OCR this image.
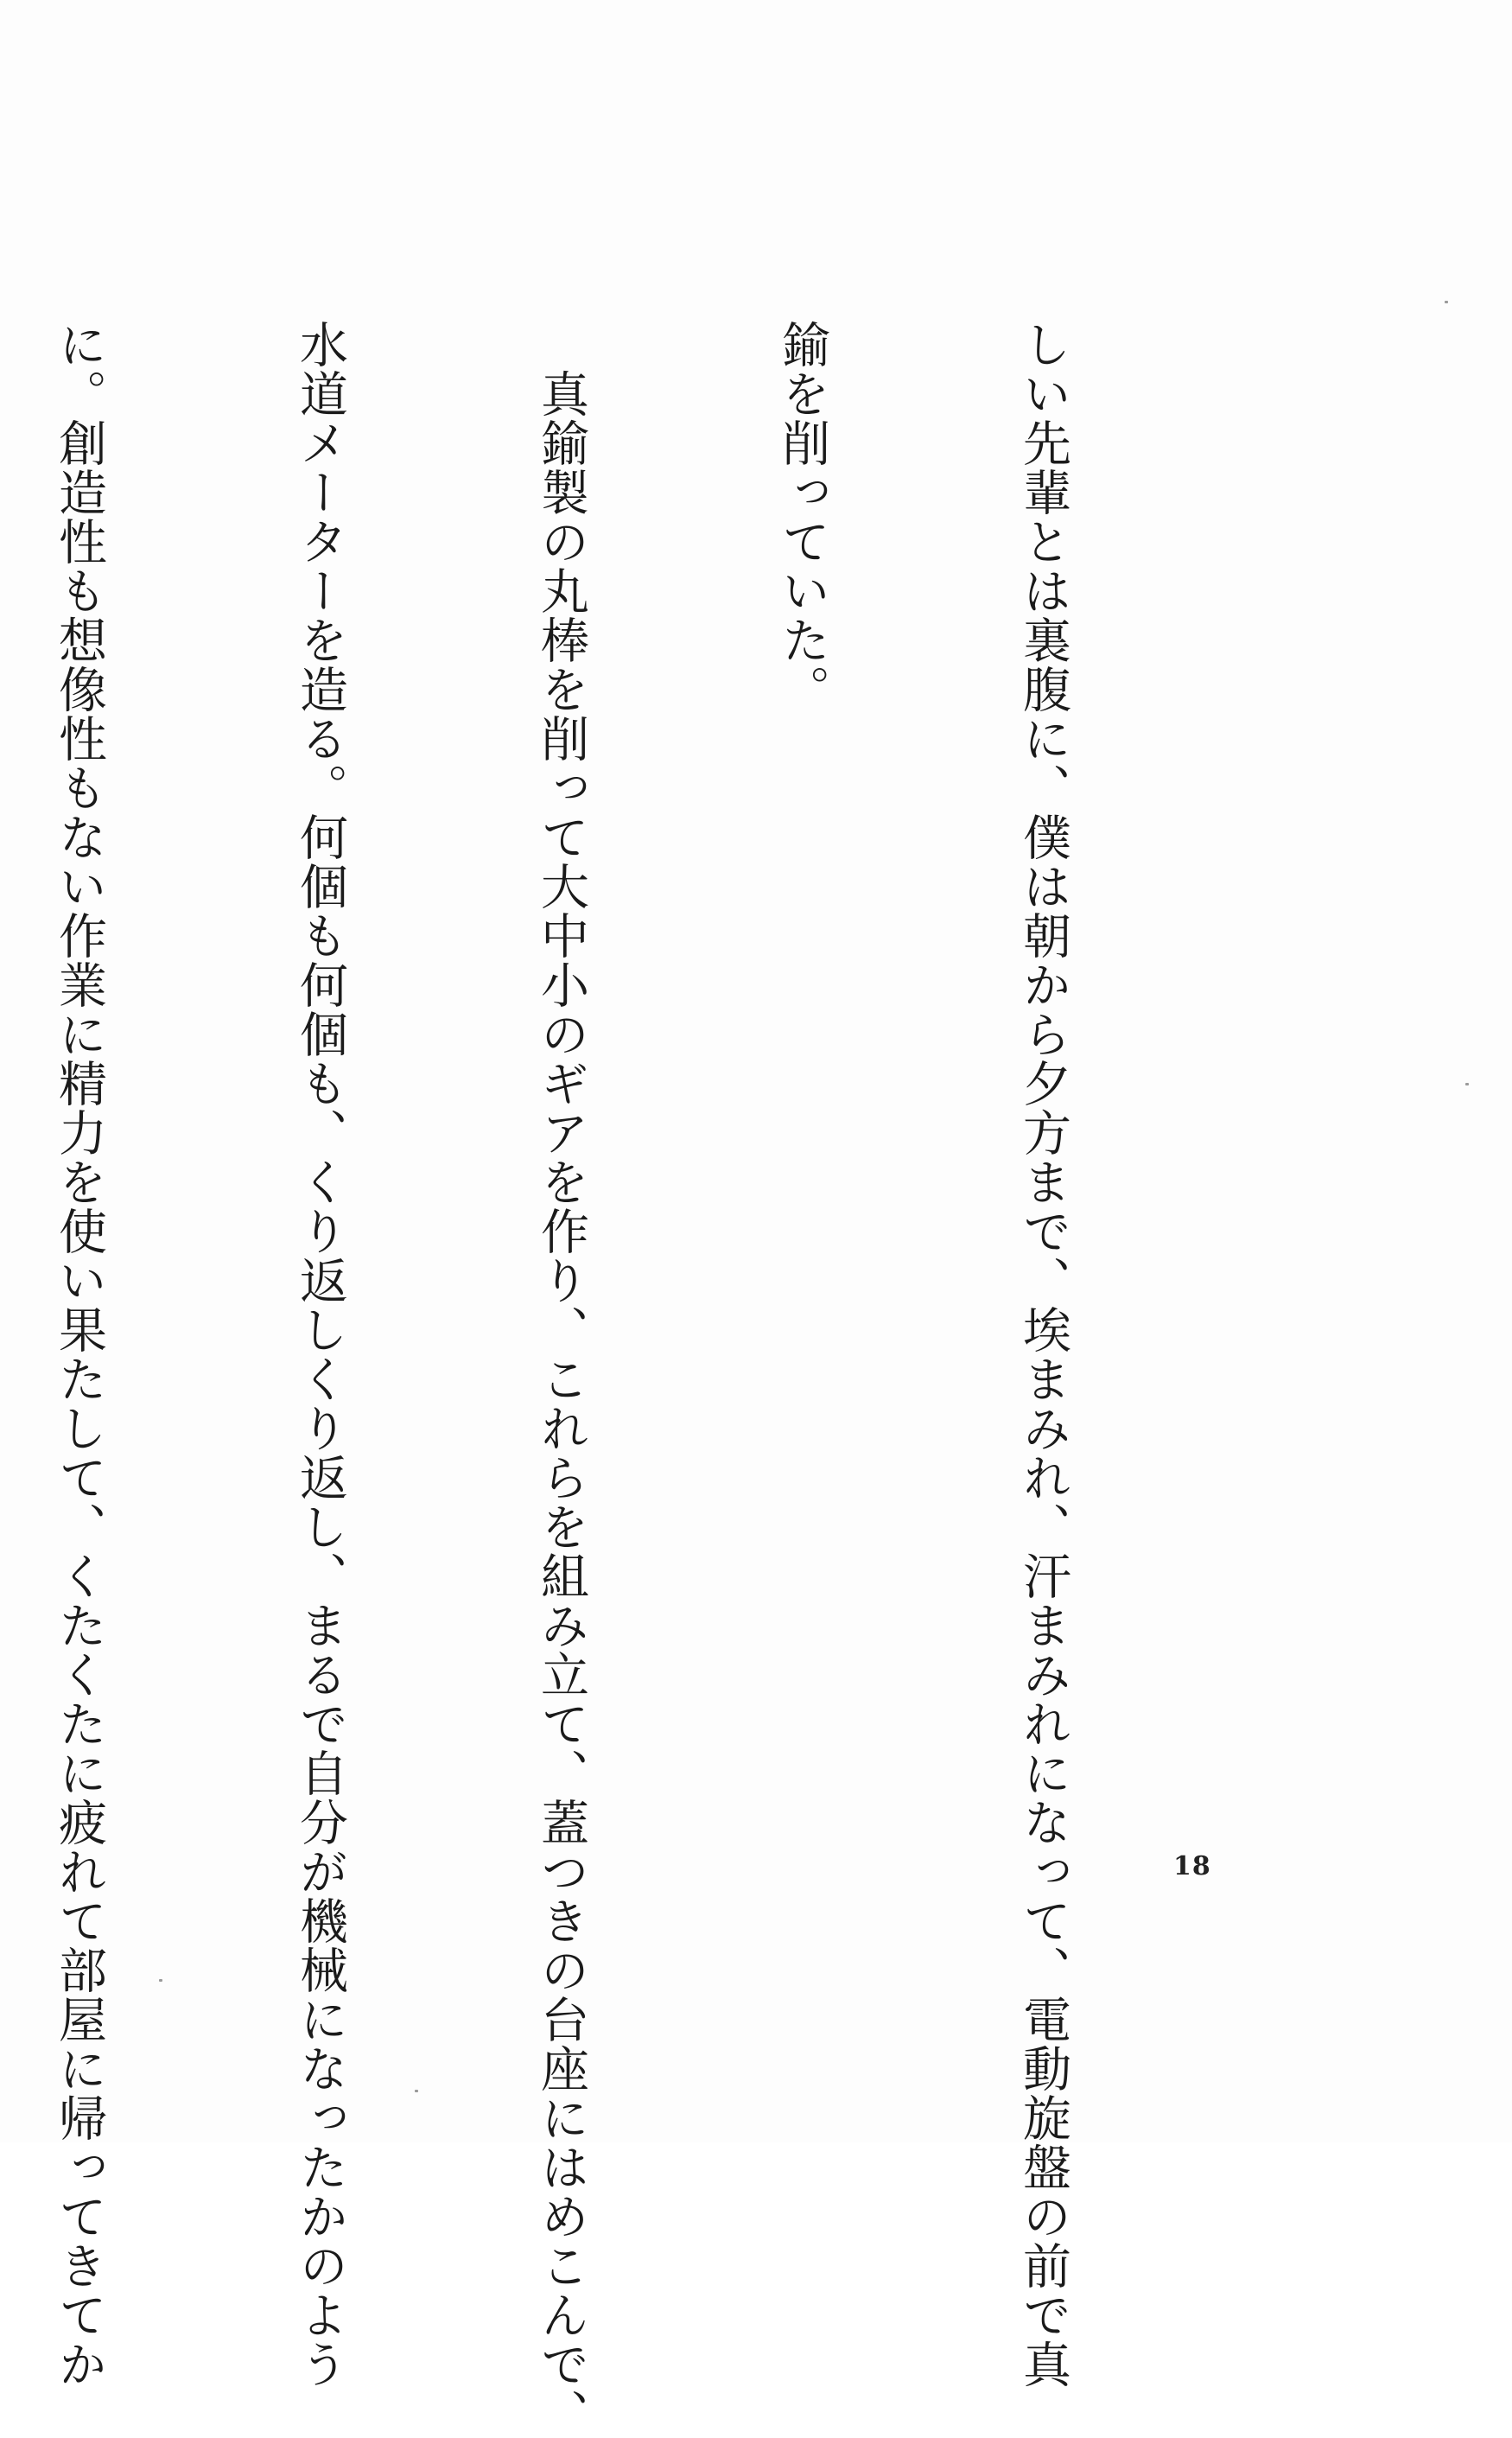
しい先輩とは裏腹に、僕は朝から夕方まで、埃まみれ、汗まみれになって、電動旋盤の前で真

鍮を削っていた。

　真鍮製の丸棒を削って大中小のギアを作り、これらを組み立て、蓋つきの台座にはめこんで、

水道メーターを造る。何個も何個も、くり返しくり返し、まるで自分が機械になったかのよう

に。創造性も想像性もない作業に精力を使い果たして、くたくたに疲れて部屋に帰ってきてか

	18
